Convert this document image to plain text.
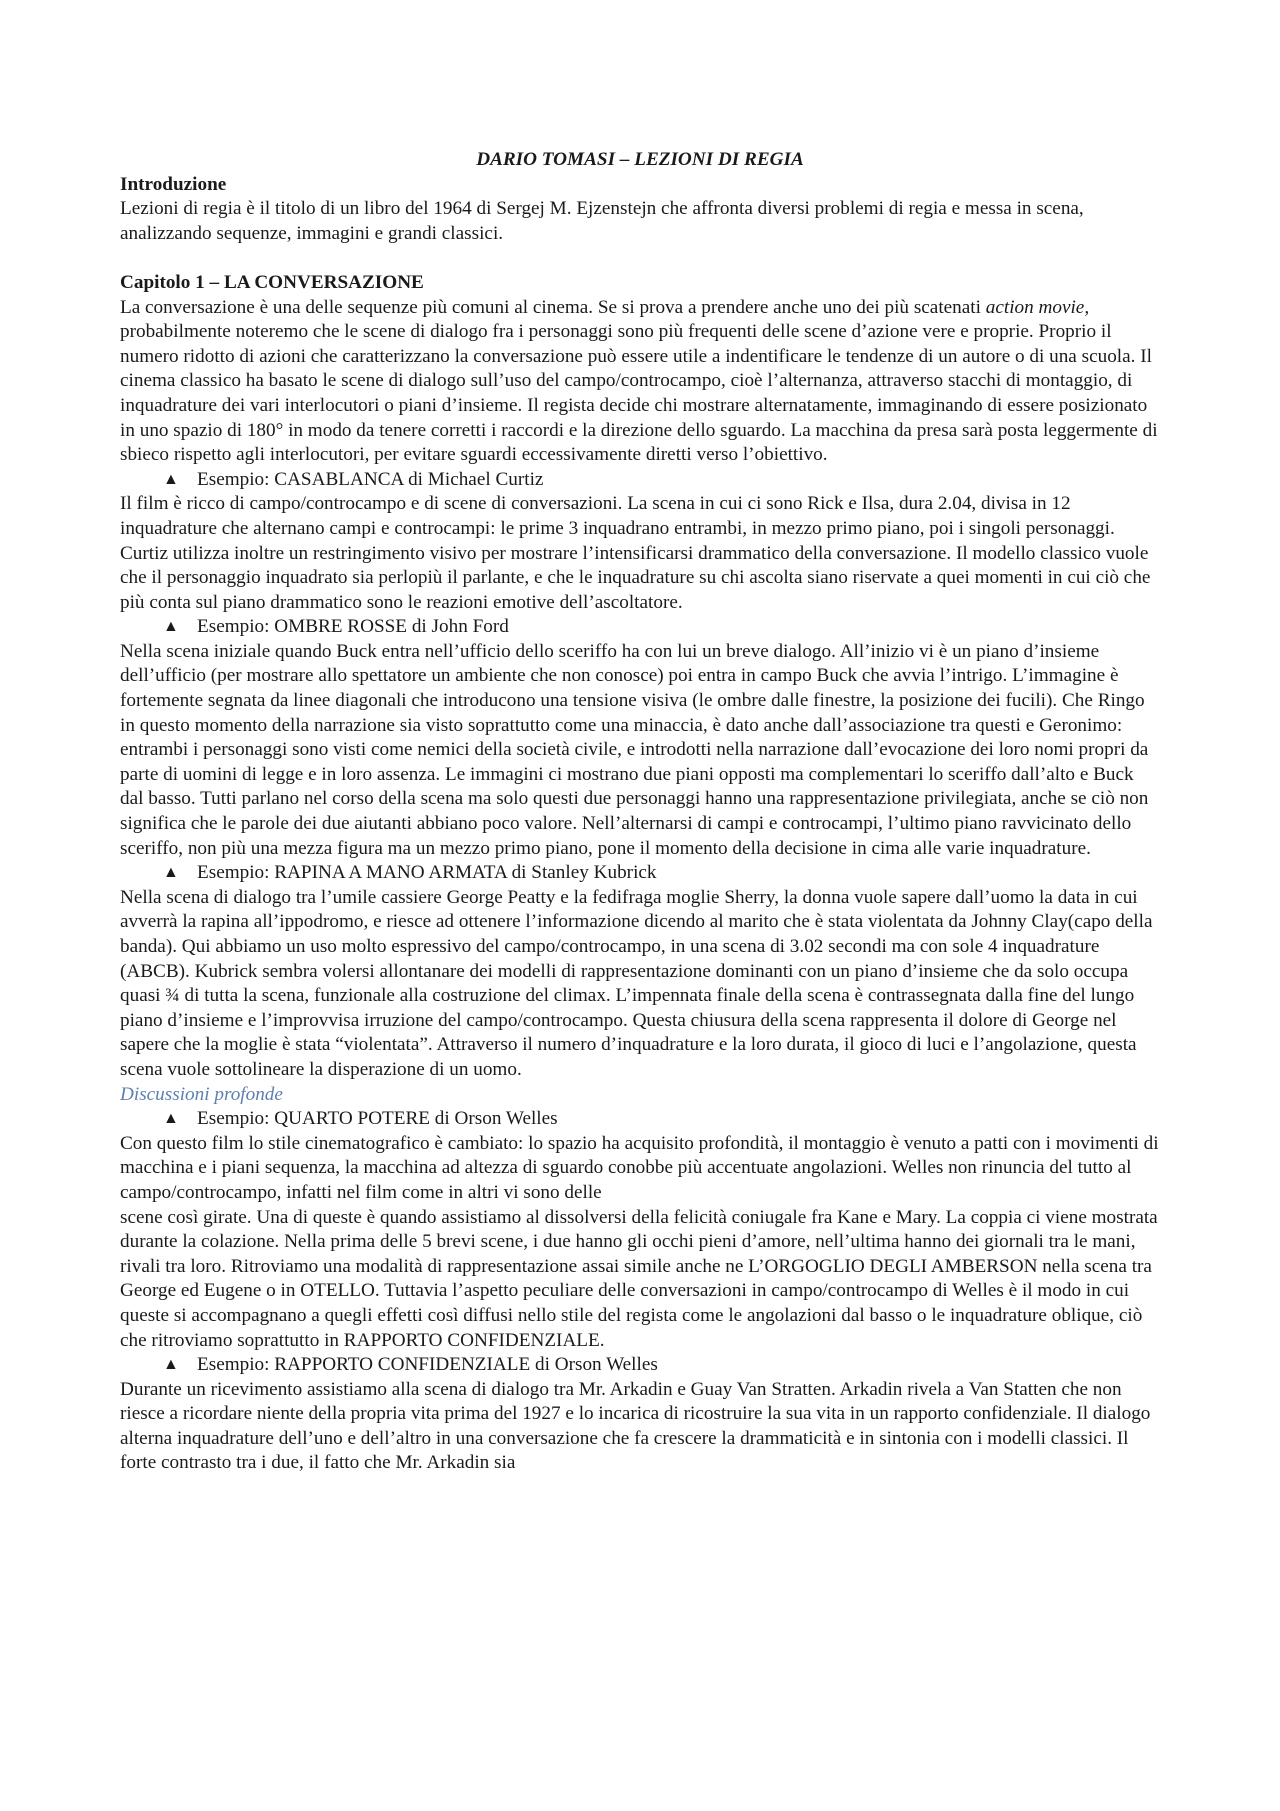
DARIO TOMASI – LEZIONI DI REGIA

Introduzione

Lezioni di regia è il titolo di un libro del 1964 di Sergej M. Ejzenstejn che affronta diversi problemi di regia e messa in scena, analizzando sequenze, immagini e grandi classici.

Capitolo 1 – LA CONVERSAZIONE

La conversazione è una delle sequenze più comuni al cinema. Se si prova a prendere anche uno dei più scatenati action movie, probabilmente noteremo che le scene di dialogo fra i personaggi sono più frequenti delle scene d’azione vere e proprie. Proprio il numero ridotto di azioni che caratterizzano la conversazione può essere utile a indentificare le tendenze di un autore o di una scuola. Il cinema classico ha basato le scene di dialogo sull’uso del campo/controcampo, cioè l’alternanza, attraverso stacchi di montaggio, di inquadrature dei vari interlocutori o piani d’insieme. Il regista decide chi mostrare alternatamente, immaginando di essere posizionato in uno spazio di 180° in modo da tenere corretti i raccordi e la direzione dello sguardo. La macchina da presa sarà posta leggermente di sbieco rispetto agli interlocutori, per evitare sguardi eccessivamente diretti verso l’obiettivo.

▲ Esempio: CASABLANCA di Michael Curtiz

Il film è ricco di campo/controcampo e di scene di conversazioni. La scena in cui ci sono Rick e Ilsa, dura 2.04, divisa in 12 inquadrature che alternano campi e controcampi: le prime 3 inquadrano entrambi, in mezzo primo piano, poi i singoli personaggi. Curtiz utilizza inoltre un restringimento visivo per mostrare l’intensificarsi drammatico della conversazione. Il modello classico vuole che il personaggio inquadrato sia perlopiù il parlante, e che le inquadrature su chi ascolta siano riservate a quei momenti in cui ciò che più conta sul piano drammatico sono le reazioni emotive dell’ascoltatore.

▲ Esempio: OMBRE ROSSE di John Ford

Nella scena iniziale quando Buck entra nell’ufficio dello sceriffo ha con lui un breve dialogo. All’inizio vi è un piano d’insieme dell’ufficio (per mostrare allo spettatore un ambiente che non conosce) poi entra in campo Buck che avvia l’intrigo. L’immagine è fortemente segnata da linee diagonali che introducono una tensione visiva (le ombre dalle finestre, la posizione dei fucili). Che Ringo in questo momento della narrazione sia visto soprattutto come una minaccia, è dato anche dall’associazione tra questi e Geronimo: entrambi i personaggi sono visti come nemici della società civile, e introdotti nella narrazione dall’evocazione dei loro nomi propri da parte di uomini di legge e in loro assenza. Le immagini ci mostrano due piani opposti ma complementari lo sceriffo dall’alto e Buck dal basso. Tutti parlano nel corso della scena ma solo questi due personaggi hanno una rappresentazione privilegiata, anche se ciò non significa che le parole dei due aiutanti abbiano poco valore. Nell’alternarsi di campi e controcampi, l’ultimo piano ravvicinato dello sceriffo, non più una mezza figura ma un mezzo primo piano, pone il momento della decisione in cima alle varie inquadrature.

▲ Esempio: RAPINA A MANO ARMATA di Stanley Kubrick

Nella scena di dialogo tra l’umile cassiere George Peatty e la fedifraga moglie Sherry, la donna vuole sapere dall’uomo la data in cui avverrà la rapina all’ippodromo, e riesce ad ottenere l’informazione dicendo al marito che è stata violentata da Johnny Clay(capo della banda). Qui abbiamo un uso molto espressivo del campo/controcampo, in una scena di 3.02 secondi ma con sole 4 inquadrature (ABCB). Kubrick sembra volersi allontanare dei modelli di rappresentazione dominanti con un piano d’insieme che da solo occupa quasi ¾ di tutta la scena, funzionale alla costruzione del climax. L’impennata finale della scena è contrassegnata dalla fine del lungo piano d’insieme e l’improvvisa irruzione del campo/controcampo. Questa chiusura della scena rappresenta il dolore di George nel sapere che la moglie è stata “violentata”. Attraverso il numero d’inquadrature e la loro durata, il gioco di luci e l’angolazione, questa scena vuole sottolineare la disperazione di un uomo.

Discussioni profonde

▲ Esempio: QUARTO POTERE di Orson Welles

Con questo film lo stile cinematografico è cambiato: lo spazio ha acquisito profondità, il montaggio è venuto a patti con i movimenti di macchina e i piani sequenza, la macchina ad altezza di sguardo conobbe più accentuate angolazioni. Welles non rinuncia del tutto al campo/controcampo, infatti nel film come in altri vi sono delle

scene così girate. Una di queste è quando assistiamo al dissolversi della felicità coniugale fra Kane e Mary. La coppia ci viene mostrata durante la colazione. Nella prima delle 5 brevi scene, i due hanno gli occhi pieni d’amore, nell’ultima hanno dei giornali tra le mani, rivali tra loro. Ritroviamo una modalità di rappresentazione assai simile anche ne L’ORGOGLIO DEGLI AMBERSON nella scena tra George ed Eugene o in OTELLO. Tuttavia l’aspetto peculiare delle conversazioni in campo/controcampo di Welles è il modo in cui queste si accompagnano a quegli effetti così diffusi nello stile del regista come le angolazioni dal basso o le inquadrature oblique, ciò che ritroviamo soprattutto in RAPPORTO CONFIDENZIALE.

▲ Esempio: RAPPORTO CONFIDENZIALE di Orson Welles

Durante un ricevimento assistiamo alla scena di dialogo tra Mr. Arkadin e Guay Van Stratten. Arkadin rivela a Van Statten che non riesce a ricordare niente della propria vita prima del 1927 e lo incarica di ricostruire la sua vita in un rapporto confidenziale. Il dialogo alterna inquadrature dell’uno e dell’altro in una conversazione che fa crescere la drammaticità e in sintonia con i modelli classici. Il forte contrasto tra i due, il fatto che Mr. Arkadin sia
